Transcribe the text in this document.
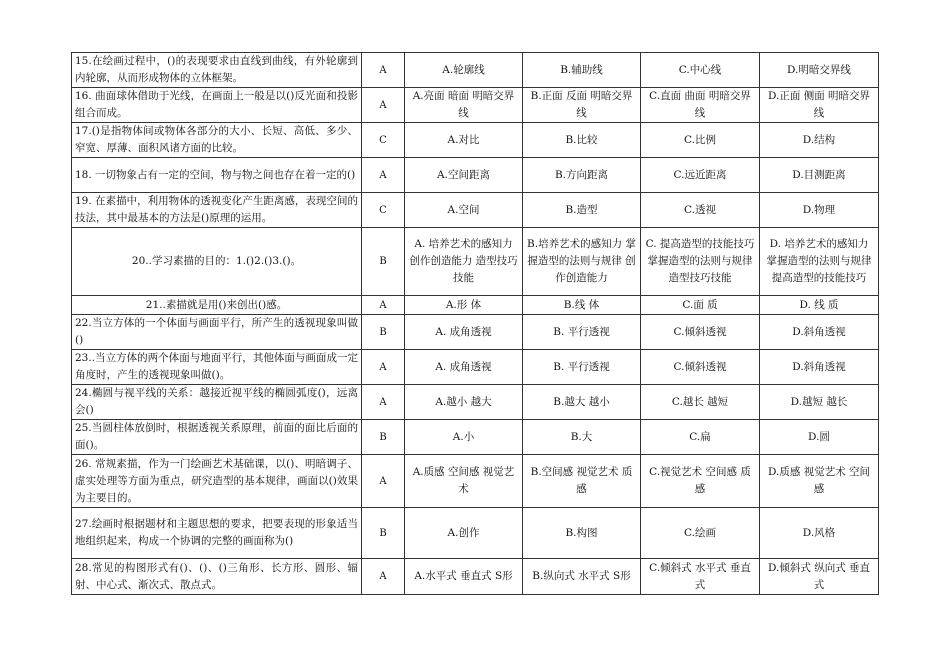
15.在绘画过程中，()的表现要求由直线到曲线，有外轮廓到内轮廓，从而形成物体的立体框架。	A	A.轮廓线	B.辅助线	C.中心线	D.明暗交界线
16. 曲面球体借助于光线，在画面上一般是以()反光面和投影组合而成。	A	A.亮面 暗面 明暗交界线	B.正面 反面 明暗交界线	C.直面 曲面 明暗交界线	D.正面 侧面 明暗交界线
17.()是指物体间或物体各部分的大小、长短、高低、多少、窄宽、厚薄、面积风诸方面的比较。	C	A.对比	B.比较	C.比例	D.结构
18. 一切物象占有一定的空间，物与物之间也存在着一定的()	A	A.空间距离	B.方向距离	C.远近距离	D.目测距离
19. 在素描中，利用物体的透视变化产生距离感，表现空间的技法，其中最基本的方法是()原理的运用。	C	A.空间	B.造型	C.透视	D.物理
20..学习素描的目的：1.()2.()3.()。	B	A. 培养艺术的感知力 创作创造能力 造型技巧技能	B.培养艺术的感知力 掌握造型的法则与规律 创作创造能力	C. 提高造型的技能技巧 掌握造型的法则与规律 造型技巧技能	D. 培养艺术的感知力 掌握造型的法则与规律 提高造型的技能技巧
21..素描就是用()来创出()感。	A	A.形 体	B.线 体	C.面 质	D. 线 质
22.当立方体的一个体面与画面平行，所产生的透视现象叫做()	B	A. 成角透视	B. 平行透视	C.倾斜透视	D.斜角透视
23..当立方体的两个体面与地面平行，其他体面与画面成一定角度时，产生的透视现象叫做()。	A	A. 成角透视	B. 平行透视	C.倾斜透视	D.斜角透视
24.椭圆与视平线的关系：越接近视平线的椭圆弧度()，远离会()	A	A.越小 越大	B.越大 越小	C.越长 越短	D.越短 越长
25.当圆柱体放倒时，根据透视关系原理，前面的面比后面的面()。	B	A.小	B.大	C.扁	D.圆
26. 常规素描，作为一门绘画艺术基础课，以()、明暗调子、虚实处理等方面为重点，研究造型的基本规律，画面以()效果为主要目的。	A	A.质感 空间感 视觉艺术	B.空间感 视觉艺术 质感	C.视觉艺术 空间感 质感	D.质感 视觉艺术 空间感
27.绘画时根据题材和主题思想的要求，把要表现的形象适当地组织起来，构成一个协调的完整的画面称为()	B	A.创作	B.构图	C.绘画	D.风格
28.常见的构图形式有()、()、()三角形、长方形、圆形、辐射、中心式、渐次式、散点式。	A	A.水平式 垂直式 S形	B.纵向式 水平式 S形	C.倾斜式 水平式 垂直式	D.倾斜式 纵向式 垂直式
